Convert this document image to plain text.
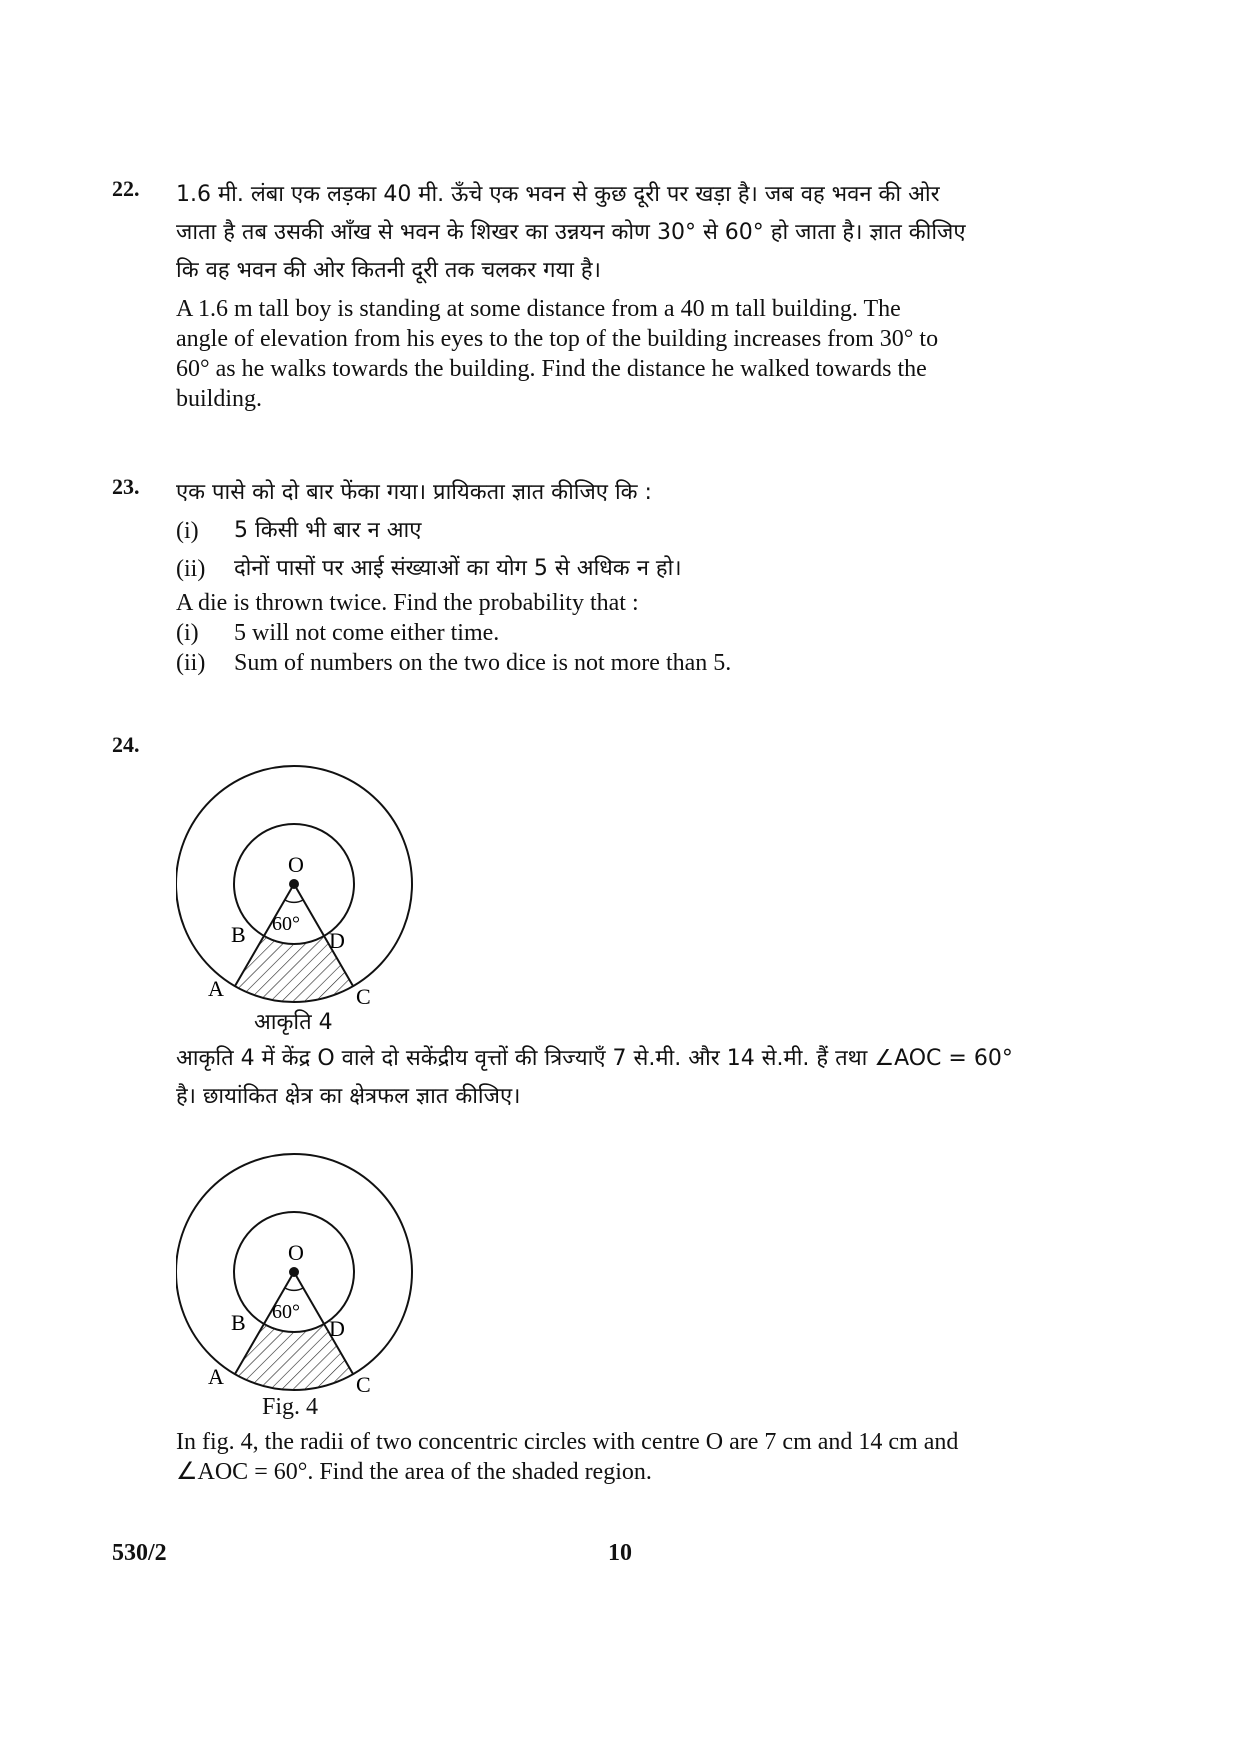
22. 1.6 मी. लंबा एक लड़का 40 मी. ऊँचे एक भवन से कुछ दूरी पर खड़ा है। जब वह भवन की ओर

जाता है तब उसकी आँख से भवन के शिखर का उन्नयन कोण 30° से 60° हो जाता है। ज्ञात कीजिए

कि वह भवन की ओर कितनी दूरी तक चलकर गया है।

A 1.6 m tall boy is standing at some distance from a 40 m tall building. The

angle of elevation from his eyes to the top of the building increases from 30° to

60° as he walks towards the building. Find the distance he walked towards the

building.

23. एक पासे को दो बार फेंका गया। प्रायिकता ज्ञात कीजिए कि :

(i)	5 किसी भी बार न आए
(ii)	दोनों पासों पर आई संख्याओं का योग 5 से अधिक न हो।

A die is thrown twice. Find the probability that :

(i)	5 will not come either time.
(ii)	Sum of numbers on the two dice is not more than 5.
24.
O
60°
B	D
A	C

आकृति 4

आकृति 4 में केंद्र O वाले दो सकेंद्रीय वृत्तों की त्रिज्याएँ 7 से.मी. और 14 से.मी. हैं तथा ∠AOC = 60°

है। छायांकित क्षेत्र का क्षेत्रफल ज्ञात कीजिए।

O
60°
B	D
A	C

Fig. 4

In fig. 4, the radii of two concentric circles with centre O are 7 cm and 14 cm and

∠AOC = 60°. Find the area of the shaded region.

530/2	10
